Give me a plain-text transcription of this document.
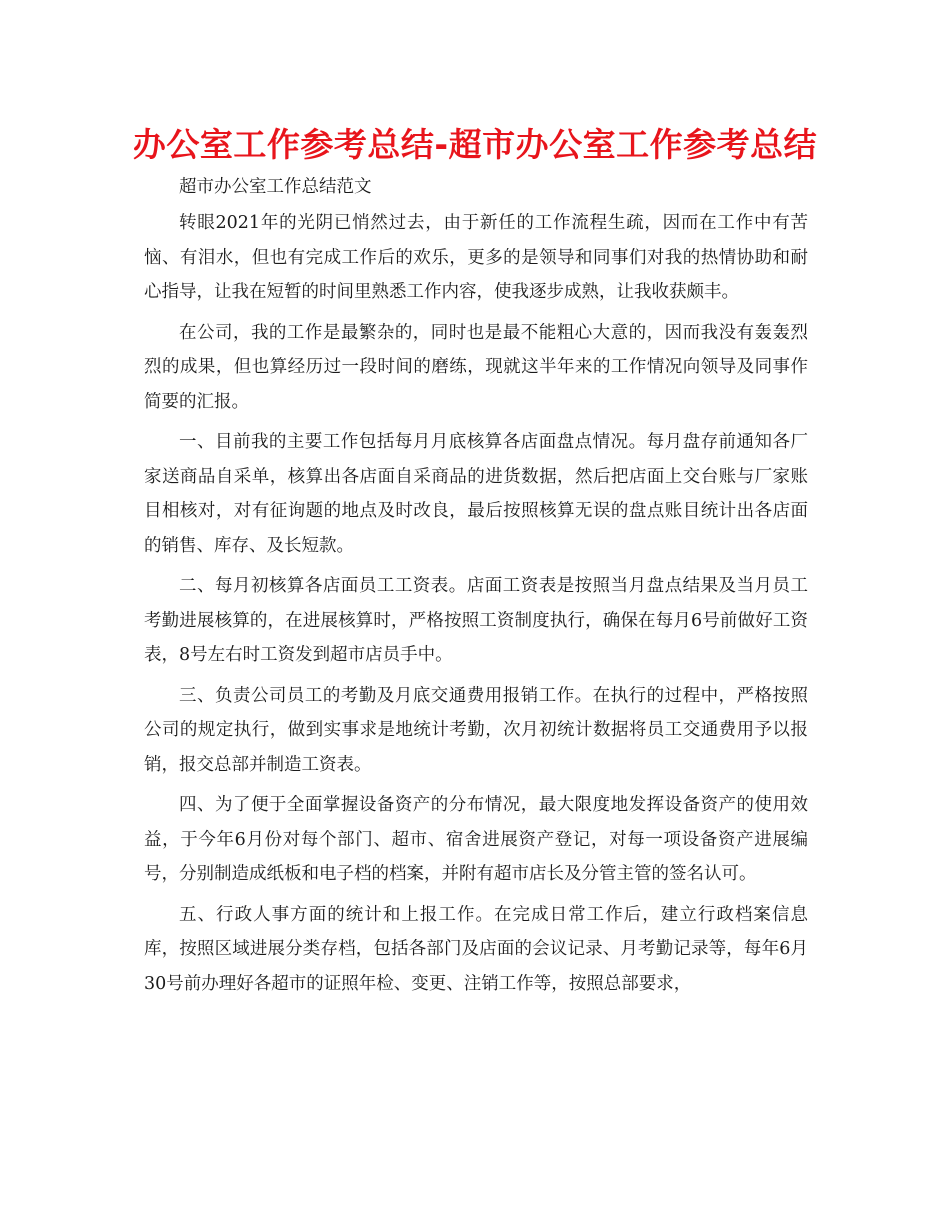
办公室工作参考总结-超市办公室工作参考总结

超市办公室工作总结范文

转眼2021年的光阴已悄然过去，由于新任的工作流程生疏，因而在工作中有苦恼、有泪水，但也有完成工作后的欢乐，更多的是领导和同事们对我的热情协助和耐心指导，让我在短暂的时间里熟悉工作内容，使我逐步成熟，让我收获颇丰。

在公司，我的工作是最繁杂的，同时也是最不能粗心大意的，因而我没有轰轰烈烈的成果，但也算经历过一段时间的磨练，现就这半年来的工作情况向领导及同事作简要的汇报。

一、目前我的主要工作包括每月月底核算各店面盘点情况。每月盘存前通知各厂家送商品自采单，核算出各店面自采商品的进货数据，然后把店面上交台账与厂家账目相核对，对有征询题的地点及时改良，最后按照核算无误的盘点账目统计出各店面的销售、库存、及长短款。

二、每月初核算各店面员工工资表。店面工资表是按照当月盘点结果及当月员工考勤进展核算的，在进展核算时，严格按照工资制度执行，确保在每月6号前做好工资表，8号左右时工资发到超市店员手中。

三、负责公司员工的考勤及月底交通费用报销工作。在执行的过程中，严格按照公司的规定执行，做到实事求是地统计考勤，次月初统计数据将员工交通费用予以报销，报交总部并制造工资表。

四、为了便于全面掌握设备资产的分布情况，最大限度地发挥设备资产的使用效益，于今年6月份对每个部门、超市、宿舍进展资产登记，对每一项设备资产进展编号，分别制造成纸板和电子档的档案，并附有超市店长及分管主管的签名认可。

五、行政人事方面的统计和上报工作。在完成日常工作后，建立行政档案信息库，按照区域进展分类存档，包括各部门及店面的会议记录、月考勤记录等，每年6月30号前办理好各超市的证照年检、变更、注销工作等，按照总部要求，
